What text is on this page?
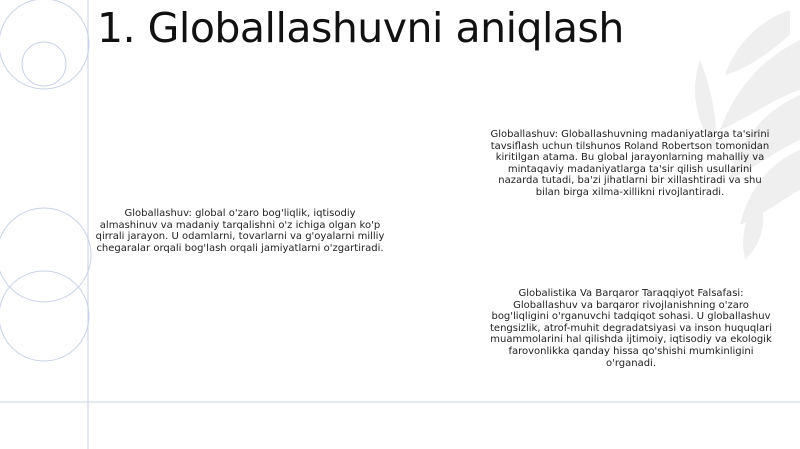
1. Globallashuvni aniqlash

Globallashuv: global o'zaro bog'liqlik, iqtisodiy almashinuv va madaniy tarqalishni o'z ichiga olgan ko'p qirrali jarayon. U odamlarni, tovarlarni va g'oyalarni milliy chegaralar orqali bog'lash orqali jamiyatlarni o'zgartiradi.

Globallashuv: Globallashuvning madaniyatlarga ta'sirini tavsiflash uchun tilshunos Roland Robertson tomonidan kiritilgan atama. Bu global jarayonlarning mahalliy va mintaqaviy madaniyatlarga ta'sir qilish usullarini nazarda tutadi, ba'zi jihatlarni bir xillashtiradi va shu bilan birga xilma-xillikni rivojlantiradi.

Globalistika Va Barqaror Taraqqiyot Falsafasi: Globallashuv va barqaror rivojlanishning o'zaro bog'liqligini o'rganuvchi tadqiqot sohasi. U globallashuv tengsizlik, atrof-muhit degradatsiyasi va inson huquqlari muammolarini hal qilishda ijtimoiy, iqtisodiy va ekologik farovonlikka qanday hissa qo'shishi mumkinligini o'rganadi.
